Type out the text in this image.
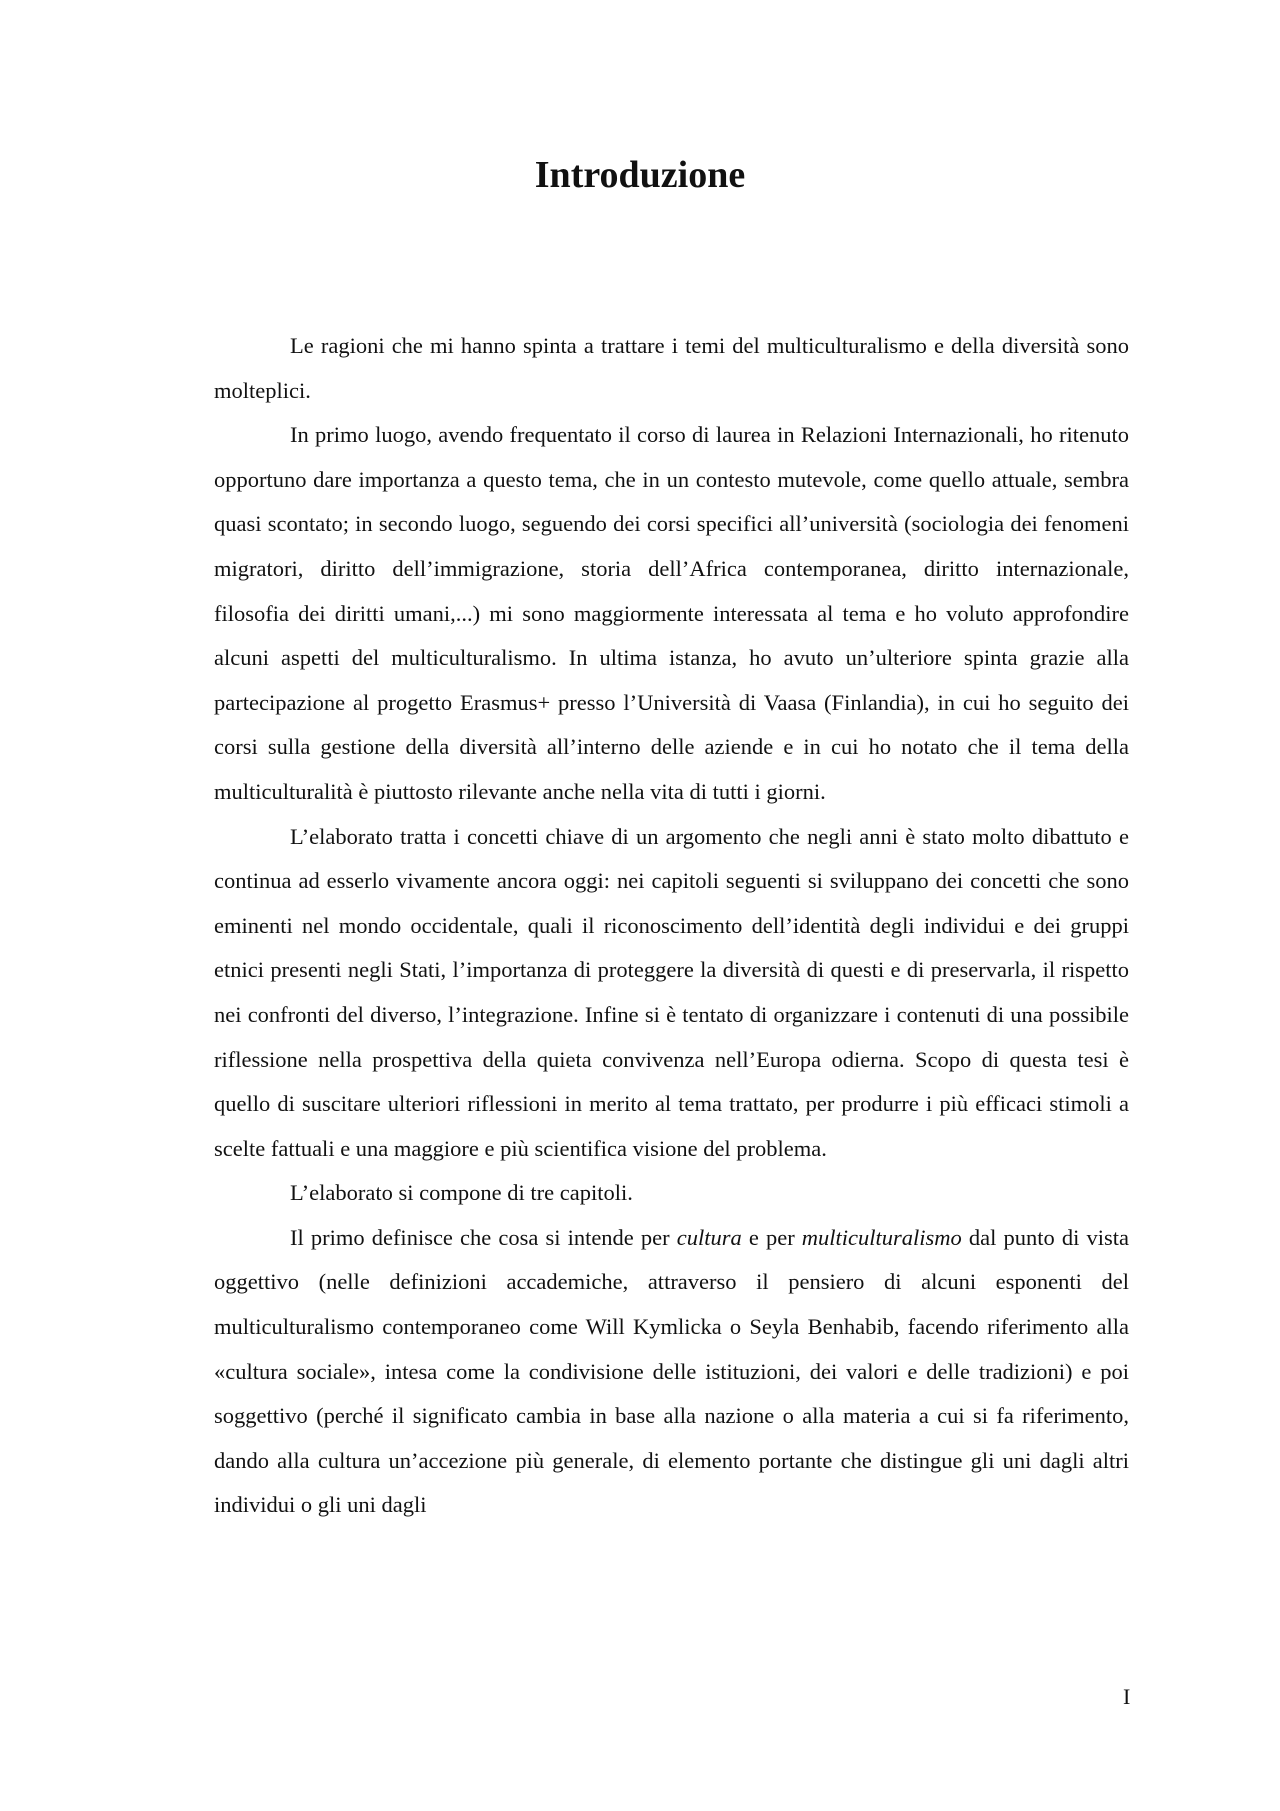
Introduzione

Le ragioni che mi hanno spinta a trattare i temi del multiculturalismo e della diversità sono molteplici.

In primo luogo, avendo frequentato il corso di laurea in Relazioni Internazionali, ho ritenuto opportuno dare importanza a questo tema, che in un contesto mutevole, come quello attuale, sembra quasi scontato; in secondo luogo, seguendo dei corsi specifici all’università (sociologia dei fenomeni migratori, diritto dell’immigrazione, storia dell’Africa contemporanea, diritto internazionale, filosofia dei diritti umani,...) mi sono maggiormente interessata al tema e ho voluto approfondire alcuni aspetti del multiculturalismo. In ultima istanza, ho avuto un’ulteriore spinta grazie alla partecipazione al progetto Erasmus+ presso l’Università di Vaasa (Finlandia), in cui ho seguito dei corsi sulla gestione della diversità all’interno delle aziende e in cui ho notato che il tema della multiculturalità è piuttosto rilevante anche nella vita di tutti i giorni.

L’elaborato tratta i concetti chiave di un argomento che negli anni è stato molto dibattuto e continua ad esserlo vivamente ancora oggi: nei capitoli seguenti si sviluppano dei concetti che sono eminenti nel mondo occidentale, quali il riconoscimento dell’identità degli individui e dei gruppi etnici presenti negli Stati, l’importanza di proteggere la diversità di questi e di preservarla, il rispetto nei confronti del diverso, l’integrazione. Infine si è tentato di organizzare i contenuti di una possibile riflessione nella prospettiva della quieta convivenza nell’Europa odierna. Scopo di questa tesi è quello di suscitare ulteriori riflessioni in merito al tema trattato, per produrre i più efficaci stimoli a scelte fattuali e una maggiore e più scientifica visione del problema.

L’elaborato si compone di tre capitoli.

Il primo definisce che cosa si intende per cultura e per multiculturalismo dal punto di vista oggettivo (nelle definizioni accademiche, attraverso il pensiero di alcuni esponenti del multiculturalismo contemporaneo come Will Kymlicka o Seyla Benhabib, facendo riferimento alla «cultura sociale», intesa come la condivisione delle istituzioni, dei valori e delle tradizioni) e poi soggettivo (perché il significato cambia in base alla nazione o alla materia a cui si fa riferimento, dando alla cultura un’accezione più generale, di elemento portante che distingue gli uni dagli altri individui o gli uni dagli

I
